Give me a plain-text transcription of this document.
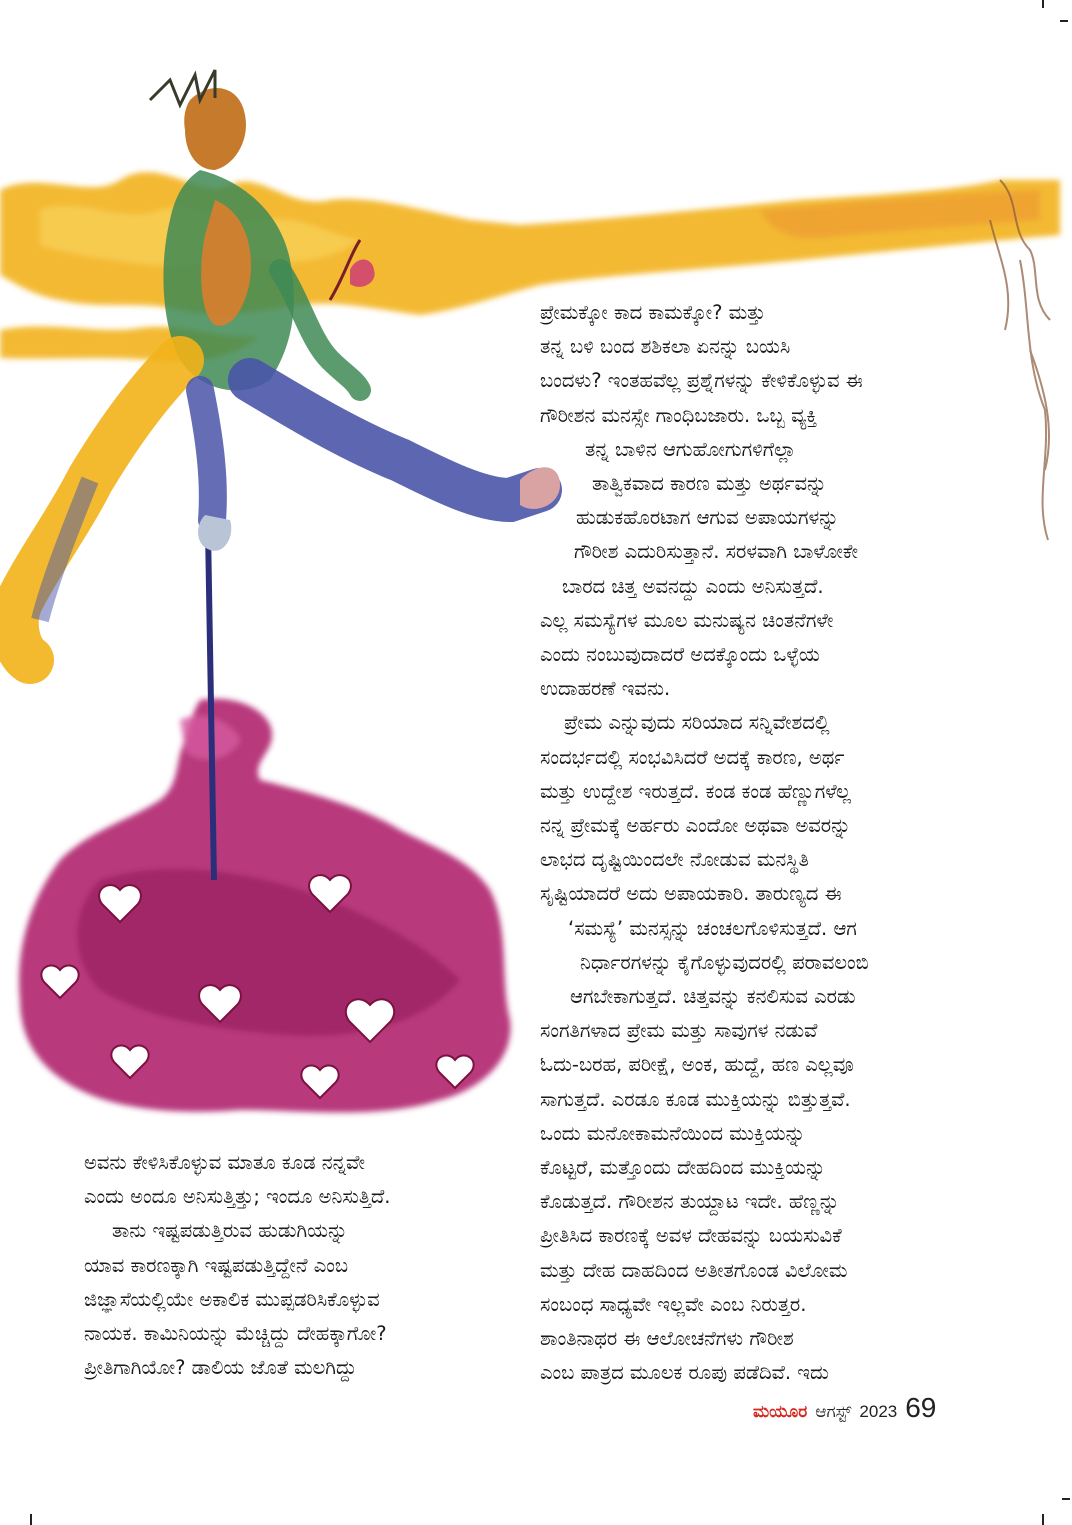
ಪ್ರೇಮಕ್ಕೋ ಕಾದ ಕಾಮಕ್ಕೋ? ಮತ್ತು
ತನ್ನ ಬಳಿ ಬಂದ ಶಶಿಕಲಾ ಏನನ್ನು ಬಯಸಿ
ಬಂದಳು? ಇಂತಹವೆಲ್ಲ ಪ್ರಶ್ನೆಗಳನ್ನು ಕೇಳಿಕೊಳ್ಳುವ ಈ
ಗೌರೀಶನ ಮನಸ್ಸೇ ಗಾಂಧಿಬಜಾರು. ಒಬ್ಬ ವ್ಯಕ್ತಿ
ತನ್ನ ಬಾಳಿನ ಆಗುಹೋಗುಗಳಿಗೆಲ್ಲಾ
ತಾತ್ವಿಕವಾದ ಕಾರಣ ಮತ್ತು ಅರ್ಥವನ್ನು
ಹುಡುಕಹೊರಟಾಗ ಆಗುವ ಅಪಾಯಗಳನ್ನು
ಗೌರೀಶ ಎದುರಿಸುತ್ತಾನೆ. ಸರಳವಾಗಿ ಬಾಳೋಕೇ
ಬಾರದ ಚಿತ್ತ ಅವನದ್ದು ಎಂದು ಅನಿಸುತ್ತದೆ.
ಎಲ್ಲ ಸಮಸ್ಯೆಗಳ ಮೂಲ ಮನುಷ್ಯನ ಚಿಂತನೆಗಳೇ
ಎಂದು ನಂಬುವುದಾದರೆ ಅದಕ್ಕೊಂದು ಒಳ್ಳೆಯ
ಉದಾಹರಣೆ ಇವನು.
ಪ್ರೇಮ ಎನ್ನುವುದು ಸರಿಯಾದ ಸನ್ನಿವೇಶದಲ್ಲಿ
ಸಂದರ್ಭದಲ್ಲಿ ಸಂಭವಿಸಿದರೆ ಅದಕ್ಕೆ ಕಾರಣ, ಅರ್ಥ
ಮತ್ತು ಉದ್ದೇಶ ಇರುತ್ತದೆ. ಕಂಡ ಕಂಡ ಹೆಣ್ಣುಗಳೆಲ್ಲ
ನನ್ನ ಪ್ರೇಮಕ್ಕೆ ಅರ್ಹರು ಎಂದೋ ಅಥವಾ ಅವರನ್ನು
ಲಾಭದ ದೃಷ್ಟಿಯಿಂದಲೇ ನೋಡುವ ಮನಸ್ಥಿತಿ
ಸೃಷ್ಟಿಯಾದರೆ ಅದು ಅಪಾಯಕಾರಿ. ತಾರುಣ್ಯದ ಈ
‘ಸಮಸ್ಯೆ’ ಮನಸ್ಸನ್ನು ಚಂಚಲಗೊಳಿಸುತ್ತದೆ. ಆಗ
ನಿರ್ಧಾರಗಳನ್ನು ಕೈಗೊಳ್ಳುವುದರಲ್ಲಿ ಪರಾವಲಂಬಿ
ಆಗಬೇಕಾಗುತ್ತದೆ. ಚಿತ್ತವನ್ನು ಕನಲಿಸುವ ಎರಡು
ಸಂಗತಿಗಳಾದ ಪ್ರೇಮ ಮತ್ತು ಸಾವುಗಳ ನಡುವೆ
ಓದು-ಬರಹ, ಪರೀಕ್ಷೆ, ಅಂಕ, ಹುದ್ದೆ, ಹಣ ಎಲ್ಲವೂ
ಸಾಗುತ್ತದೆ. ಎರಡೂ ಕೂಡ ಮುಕ್ತಿಯನ್ನು ಬಿತ್ತುತ್ತವೆ.
ಒಂದು ಮನೋಕಾಮನೆಯಿಂದ ಮುಕ್ತಿಯನ್ನು
ಕೊಟ್ಟರೆ, ಮತ್ತೊಂದು ದೇಹದಿಂದ ಮುಕ್ತಿಯನ್ನು
ಕೊಡುತ್ತದೆ. ಗೌರೀಶನ ತುಯ್ದಾಟ ಇದೇ. ಹೆಣ್ಣನ್ನು
ಪ್ರೀತಿಸಿದ ಕಾರಣಕ್ಕೆ ಅವಳ ದೇಹವನ್ನು ಬಯಸುವಿಕೆ
ಮತ್ತು ದೇಹ ದಾಹದಿಂದ ಅತೀತಗೊಂಡ ವಿಲೋಮ
ಸಂಬಂಧ ಸಾಧ್ಯವೇ ಇಲ್ಲವೇ ಎಂಬ ನಿರುತ್ತರ.
ಶಾಂತಿನಾಥರ ಈ ಆಲೋಚನೆಗಳು ಗೌರೀಶ
ಎಂಬ ಪಾತ್ರದ ಮೂಲಕ ರೂಪು ಪಡೆದಿವೆ. ಇದು
ಅವನು ಕೇಳಿಸಿಕೊಳ್ಳುವ ಮಾತೂ ಕೂಡ ನನ್ನವೇ
ಎಂದು ಅಂದೂ ಅನಿಸುತ್ತಿತ್ತು; ಇಂದೂ ಅನಿಸುತ್ತಿದೆ.
ತಾನು ಇಷ್ಟಪಡುತ್ತಿರುವ ಹುಡುಗಿಯನ್ನು
ಯಾವ ಕಾರಣಕ್ಕಾಗಿ ಇಷ್ಟಪಡುತ್ತಿದ್ದೇನೆ ಎಂಬ
ಜಿಜ್ಞಾಸೆಯಲ್ಲಿಯೇ ಅಕಾಲಿಕ ಮುಪ್ಪಡರಿಸಿಕೊಳ್ಳುವ
ನಾಯಕ. ಕಾಮಿನಿಯನ್ನು ಮೆಚ್ಚಿದ್ದು ದೇಹಕ್ಕಾಗೋ?
ಪ್ರೀತಿಗಾಗಿಯೋ? ಡಾಲಿಯ ಜೊತೆ ಮಲಗಿದ್ದು
ಮಯೂರ ಆಗಸ್ಟ್ 2023 69
